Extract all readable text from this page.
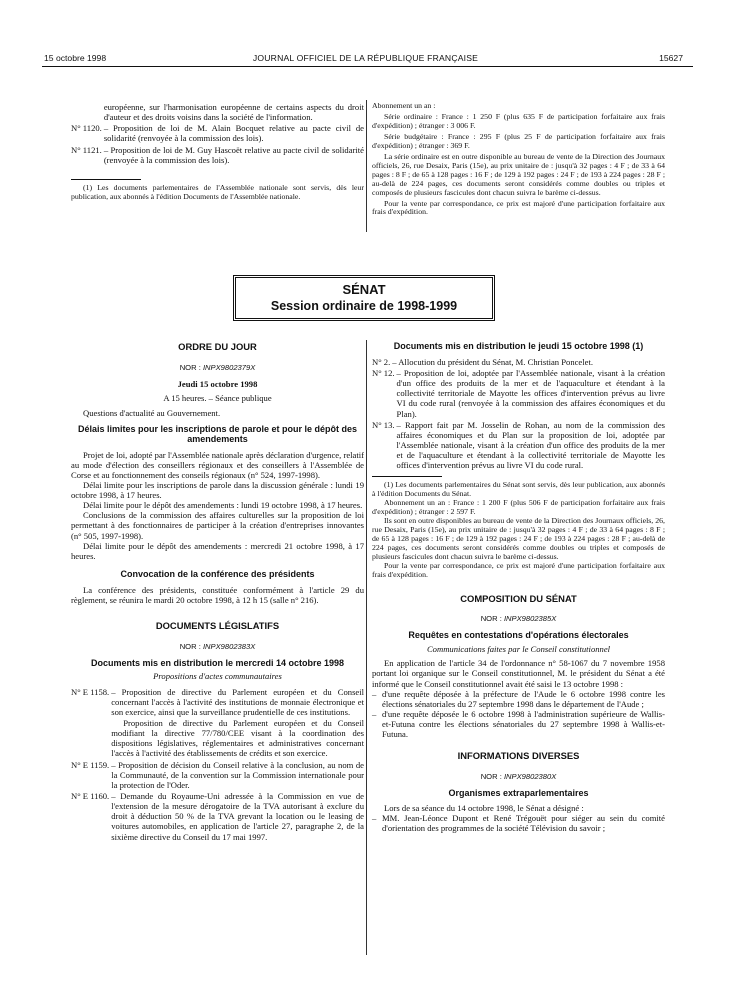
15 octobre 1998	JOURNAL OFFICIEL DE LA RÉPUBLIQUE FRANÇAISE	15627
européenne, sur l'harmonisation européenne de certains aspects du droit d'auteur et des droits voisins dans la société de l'information.
N° 1120. – Proposition de loi de M. Alain Bocquet relative au pacte civil de solidarité (renvoyée à la commission des lois).
N° 1121. – Proposition de loi de M. Guy Hascoët relative au pacte civil de solidarité (renvoyée à la commission des lois).

(1) Les documents parlementaires de l'Assemblée nationale sont servis, dès leur publication, aux abonnés à l'édition Documents de l'Assemblée nationale.

Abonnement un an :

Série ordinaire : France : 1 250 F (plus 635 F de participation forfaitaire aux frais d'expédition) ; étranger : 3 006 F.

Série budgétaire : France : 295 F (plus 25 F de participation forfaitaire aux frais d'expédition) ; étranger : 369 F.

La série ordinaire est en outre disponible au bureau de vente de la Direction des Journaux officiels, 26, rue Desaix, Paris (15e), au prix unitaire de : jusqu'à 32 pages : 4 F ; de 33 à 64 pages : 8 F ; de 65 à 128 pages : 16 F ; de 129 à 192 pages : 24 F ; de 193 à 224 pages : 28 F ; au-delà de 224 pages, ces documents seront considérés comme doubles ou triples et composés de plusieurs fascicules dont chacun suivra le barème ci-dessus.

Pour la vente par correspondance, ce prix est majoré d'une participation forfaitaire aux frais d'expédition.

SÉNAT
Session ordinaire de 1998-1999
ORDRE DU JOUR
NOR : INPX9802379X
Jeudi 15 octobre 1998
A 15 heures. – Séance publique

Questions d'actualité au Gouvernement.

Délais limites pour les inscriptions de parole et pour le dépôt des amendements

Projet de loi, adopté par l'Assemblée nationale après déclaration d'urgence, relatif au mode d'élection des conseillers régionaux et des conseillers à l'Assemblée de Corse et au fonctionnement des conseils régionaux (n° 524, 1997-1998).

Délai limite pour les inscriptions de parole dans la discussion générale : lundi 19 octobre 1998, à 17 heures.

Délai limite pour le dépôt des amendements : lundi 19 octobre 1998, à 17 heures.

Conclusions de la commission des affaires culturelles sur la proposition de loi permettant à des fonctionnaires de participer à la création d'entreprises innovantes (n° 505, 1997-1998).

Délai limite pour le dépôt des amendements : mercredi 21 octobre 1998, à 17 heures.

Convocation de la conférence des présidents

La conférence des présidents, constituée conformément à l'article 29 du règlement, se réunira le mardi 20 octobre 1998, à 12 h 15 (salle n° 216).

DOCUMENTS LÉGISLATIFS
NOR : INPX9802383X
Documents mis en distribution le mercredi 14 octobre 1998
Propositions d'actes communautaires
N° E 1158. – Proposition de directive du Parlement européen et du Conseil concernant l'accès à l'activité des institutions de monnaie électronique et son exercice, ainsi que la surveillance prudentielle de ces institutions.
Proposition de directive du Parlement européen et du Conseil modifiant la directive 77/780/CEE visant à la coordination des dispositions législatives, réglementaires et administratives concernant l'accès à l'activité des établissements de crédits et son exercice.
N° E 1159. – Proposition de décision du Conseil relative à la conclusion, au nom de la Communauté, de la convention sur la Commission internationale pour la protection de l'Oder.
N° E 1160. – Demande du Royaume-Uni adressée à la Commission en vue de l'extension de la mesure dérogatoire de la TVA autorisant à exclure du droit à déduction 50 % de la TVA grevant la location ou le leasing de voitures automobiles, en application de l'article 27, paragraphe 2, de la sixième directive du Conseil du 17 mai 1997.
Documents mis en distribution le jeudi 15 octobre 1998 (1)
N° 2. – Allocution du président du Sénat, M. Christian Poncelet.
N° 12. – Proposition de loi, adoptée par l'Assemblée nationale, visant à la création d'un office des produits de la mer et de l'aquaculture et étendant à la collectivité territoriale de Mayotte les offices d'intervention prévus au livre VI du code rural (renvoyée à la commission des affaires économiques et du Plan).
N° 13. – Rapport fait par M. Josselin de Rohan, au nom de la commission des affaires économiques et du Plan sur la proposition de loi, adoptée par l'Assemblée nationale, visant à la création d'un office des produits de la mer et de l'aquaculture et étendant à la collectivité territoriale de Mayotte les offices d'intervention prévus au livre VI du code rural.

(1) Les documents parlementaires du Sénat sont servis, dès leur publication, aux abonnés à l'édition Documents du Sénat.

Abonnement un an : France : 1 200 F (plus 506 F de participation forfaitaire aux frais d'expédition) ; étranger : 2 597 F.

Ils sont en outre disponibles au bureau de vente de la Direction des Journaux officiels, 26, rue Desaix, Paris (15e), au prix unitaire de : jusqu'à 32 pages : 4 F ; de 33 à 64 pages : 8 F ; de 65 à 128 pages : 16 F ; de 129 à 192 pages : 24 F ; de 193 à 224 pages : 28 F ; au-delà de 224 pages, ces documents seront considérés comme doubles ou triples et composés de plusieurs fascicules dont chacun suivra le barème ci-dessus.

Pour la vente par correspondance, ce prix est majoré d'une participation forfaitaire aux frais d'expédition.

COMPOSITION DU SÉNAT
NOR : INPX9802385X
Requêtes en contestations d'opérations électorales
Communications faites par le Conseil constitutionnel

En application de l'article 34 de l'ordonnance n° 58-1067 du 7 novembre 1958 portant loi organique sur le Conseil constitutionnel, M. le président du Sénat a été informé que le Conseil constitutionnel avait été saisi le 13 octobre 1998 :

– d'une requête déposée à la préfecture de l'Aude le 6 octobre 1998 contre les élections sénatoriales du 27 septembre 1998 dans le département de l'Aude ;
– d'une requête déposée le 6 octobre 1998 à l'administration supérieure de Wallis-et-Futuna contre les élections sénatoriales du 27 septembre 1998 à Wallis-et-Futuna.
INFORMATIONS DIVERSES
NOR : INPX9802380X
Organismes extraparlementaires

Lors de sa séance du 14 octobre 1998, le Sénat a désigné :

– MM. Jean-Léonce Dupont et René Trégouët pour siéger au sein du comité d'orientation des programmes de la société Télévision du savoir ;
